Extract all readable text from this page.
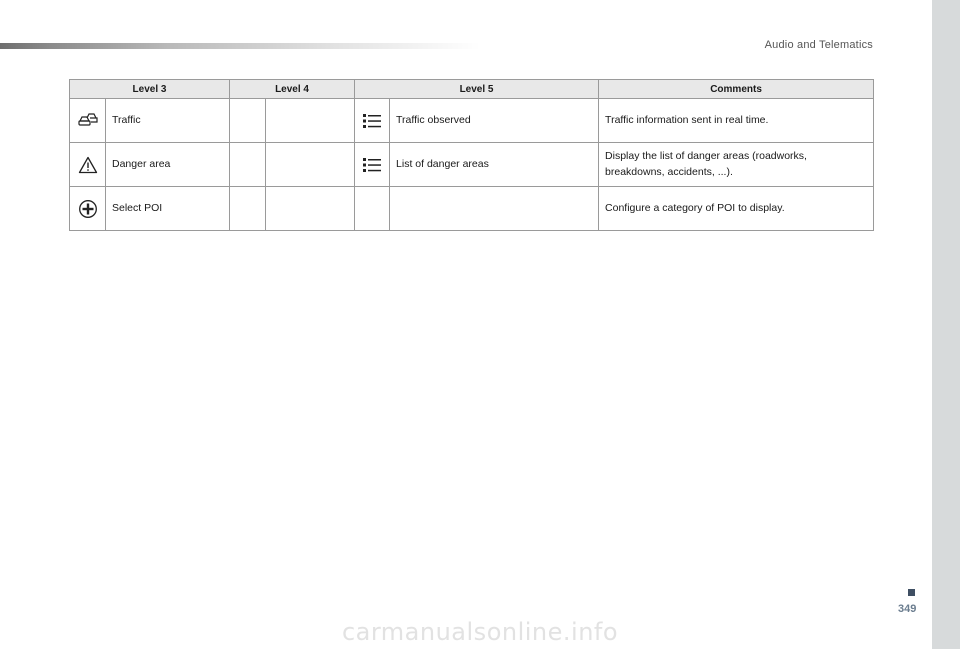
Audio and Telematics
Level 3		Level 4		Level 5		Comments
	Traffic				Traffic observed	Traffic information sent in real time.
	Danger area				List of danger areas	Display the list of danger areas (roadworks, breakdowns, accidents, ...).
	Select POI					Configure a category of POI to display.
349
carmanualsonline.info
